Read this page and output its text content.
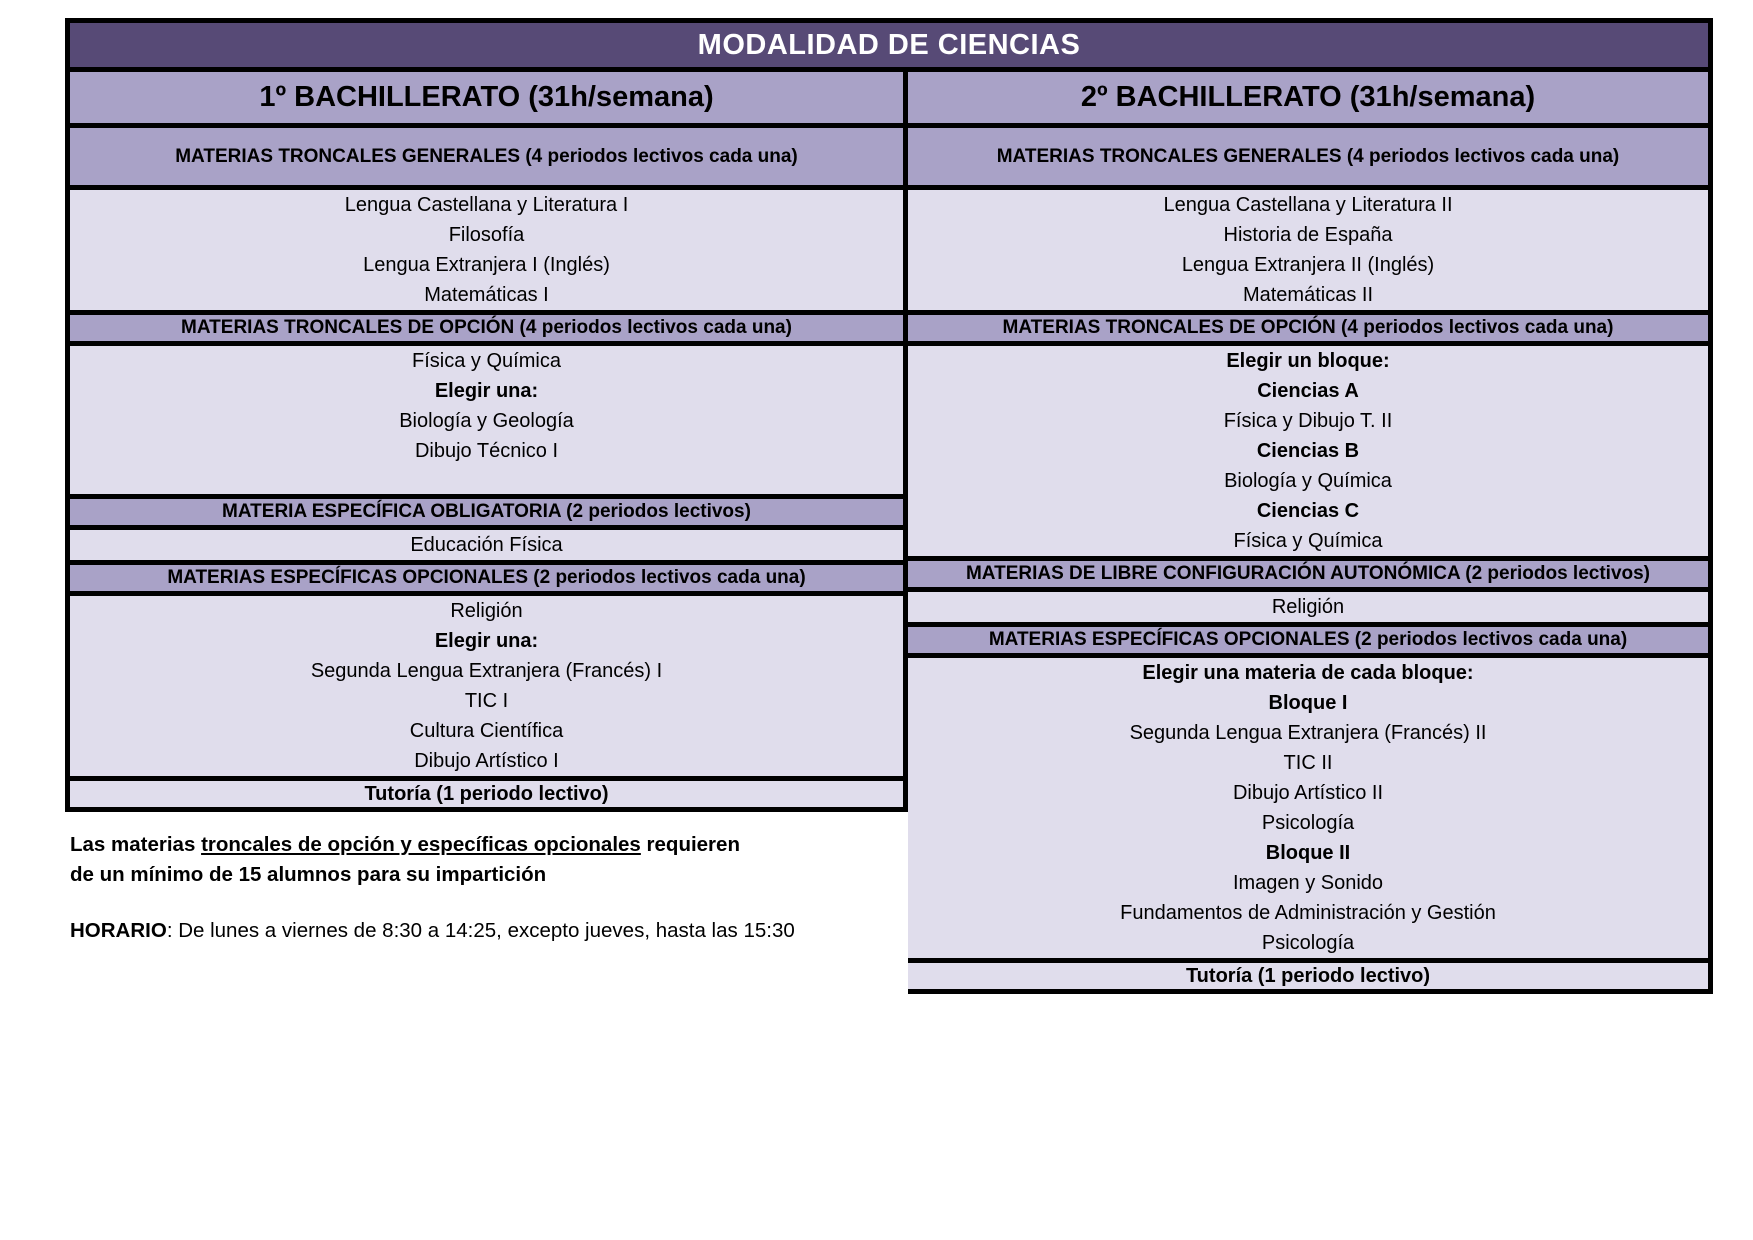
MODALIDAD DE CIENCIAS
1º BACHILLERATO (31h/semana)
MATERIAS TRONCALES GENERALES (4 periodos lectivos cada una)
Lengua Castellana y Literatura I
Filosofía
Lengua Extranjera I (Inglés)
Matemáticas I
MATERIAS TRONCALES DE OPCIÓN (4 periodos lectivos cada una)
Física y Química
Elegir una:
Biología y Geología
Dibujo Técnico I
MATERIA ESPECÍFICA OBLIGATORIA (2 periodos lectivos)
Educación Física
MATERIAS ESPECÍFICAS OPCIONALES (2 periodos lectivos cada una)
Religión
Elegir una:
Segunda Lengua Extranjera (Francés) I
TIC I
Cultura Científica
Dibujo Artístico I
Tutoría (1 periodo lectivo)
2º BACHILLERATO (31h/semana)
MATERIAS TRONCALES GENERALES (4 periodos lectivos cada una)
Lengua Castellana y Literatura II
Historia de España
Lengua Extranjera II (Inglés)
Matemáticas II
MATERIAS TRONCALES DE OPCIÓN (4 periodos lectivos cada una)
Elegir un bloque:
Ciencias A
Física y Dibujo T. II
Ciencias B
Biología y Química
Ciencias C
Física y Química
MATERIAS DE LIBRE CONFIGURACIÓN AUTONÓMICA (2 periodos lectivos)
Religión
MATERIAS ESPECÍFICAS OPCIONALES (2 periodos lectivos cada una)
Elegir una materia de cada bloque:
Bloque I
Segunda Lengua Extranjera (Francés) II
TIC II
Dibujo Artístico II
Psicología
Bloque II
Imagen y Sonido
Fundamentos de Administración y Gestión
Psicología
Tutoría (1 periodo lectivo)
Las materias troncales de opción y específicas opcionales requieren
de un mínimo de 15 alumnos para su impartición
HORARIO: De lunes a viernes de 8:30 a 14:25, excepto jueves, hasta las 15:30
